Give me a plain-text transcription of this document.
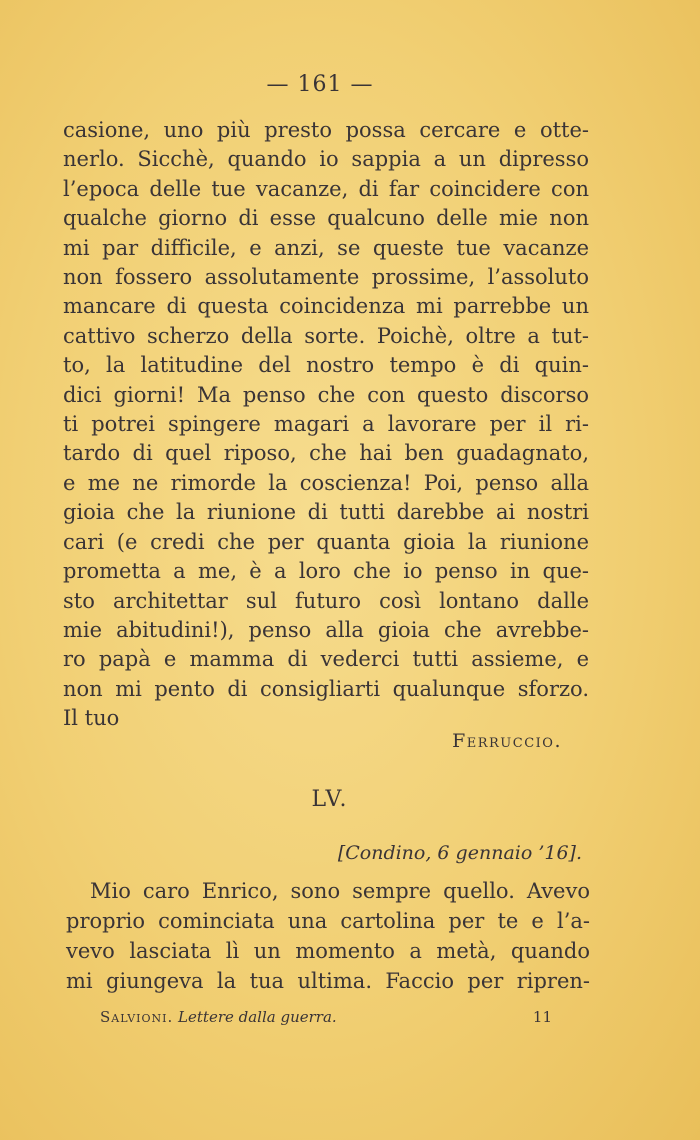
— 161 —
casione, uno più presto possa cercare e otte-
nerlo. Sicchè, quando io sappia a un dipresso
l’epoca delle tue vacanze, di far coincidere con
qualche giorno di esse qualcuno delle mie non
mi par difficile, e anzi, se queste tue vacanze
non fossero assolutamente prossime, l’assoluto
mancare di questa coincidenza mi parrebbe un
cattivo scherzo della sorte. Poichè, oltre a tut-
to, la latitudine del nostro tempo è di quin-
dici giorni! Ma penso che con questo discorso
ti potrei spingere magari a lavorare per il ri-
tardo di quel riposo, che hai ben guadagnato,
e me ne rimorde la coscienza! Poi, penso alla
gioia che la riunione di tutti darebbe ai nostri
cari (e credi che per quanta gioia la riunione
prometta a me, è a loro che io penso in que-
sto architettar sul futuro così lontano dalle
mie abitudini!), penso alla gioia che avrebbe-
ro papà e mamma di vederci tutti assieme, e
non mi pento di consigliarti qualunque sforzo.
Il tuo
Ferruccio.
LV.
[Condino, 6 gennaio ’16].
Mio caro Enrico, sono sempre quello. Avevo
proprio cominciata una cartolina per te e l’a-
vevo lasciata lì un momento a metà, quando
mi giungeva la tua ultima. Faccio per ripren-
Salvioni. Lettere dalla guerra.	11
